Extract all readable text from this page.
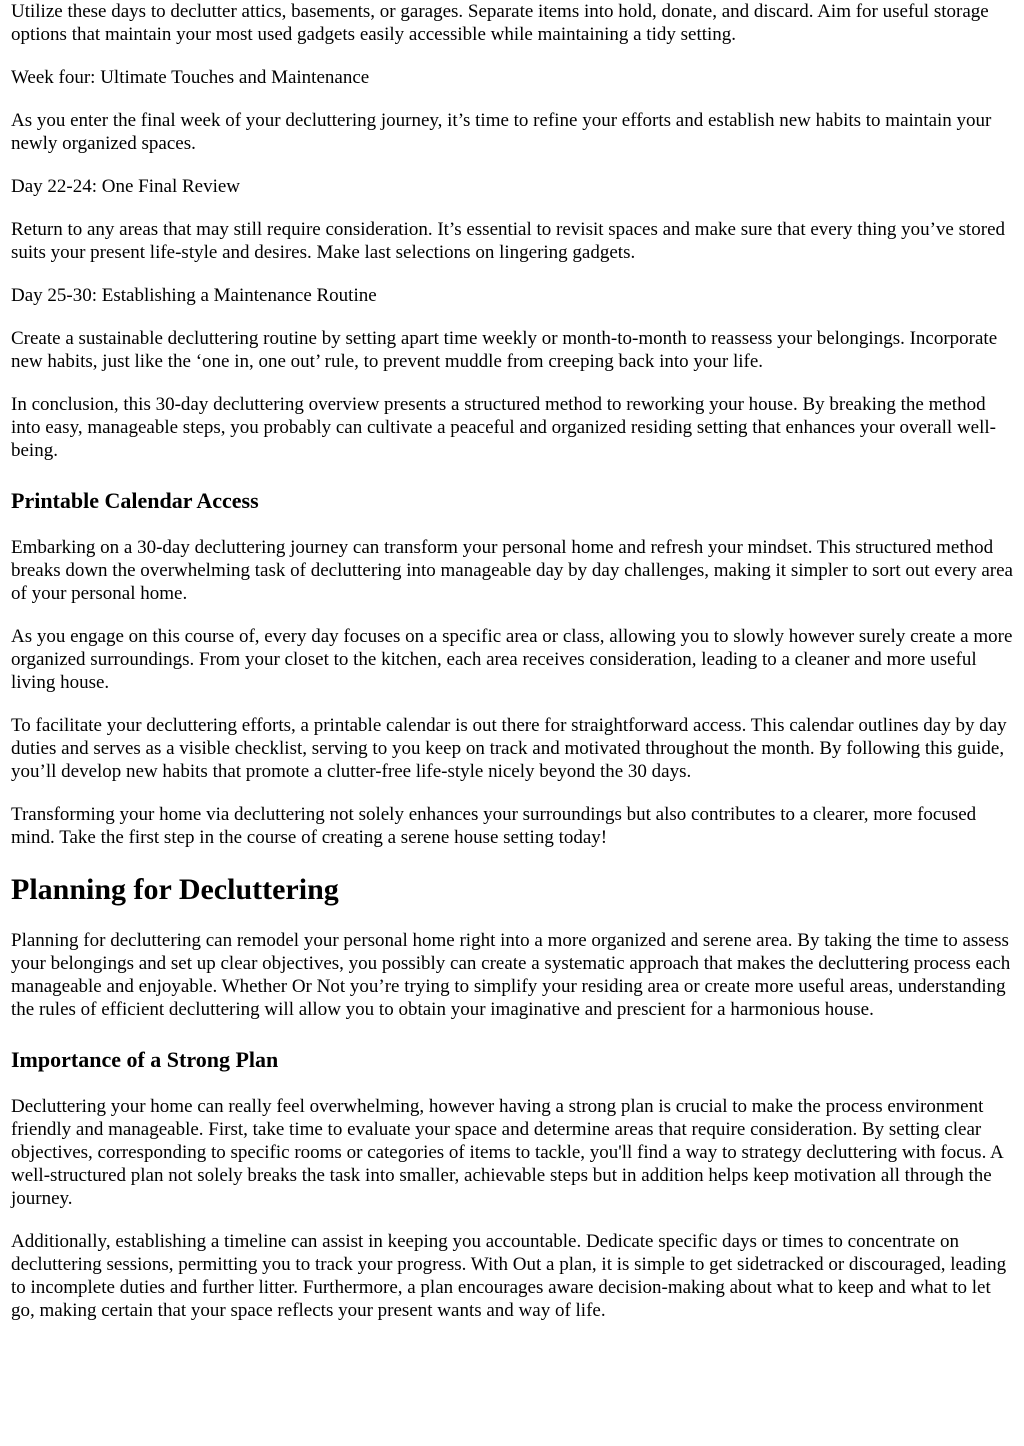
Utilize these days to declutter attics, basements, or garages. Separate items into hold, donate, and discard. Aim for useful storage options that maintain your most used gadgets easily accessible while maintaining a tidy setting.

Week four: Ultimate Touches and Maintenance

As you enter the final week of your decluttering journey, it’s time to refine your efforts and establish new habits to maintain your newly organized spaces.

Day 22-24: One Final Review

Return to any areas that may still require consideration. It’s essential to revisit spaces and make sure that every thing you’ve stored suits your present life-style and desires. Make last selections on lingering gadgets.

Day 25-30: Establishing a Maintenance Routine

Create a sustainable decluttering routine by setting apart time weekly or month-to-month to reassess your belongings. Incorporate new habits, just like the ‘one in, one out’ rule, to prevent muddle from creeping back into your life.

In conclusion, this 30-day decluttering overview presents a structured method to reworking your house. By breaking the method into easy, manageable steps, you probably can cultivate a peaceful and organized residing setting that enhances your overall well-being.

Printable Calendar Access

Embarking on a 30-day decluttering journey can transform your personal home and refresh your mindset. This structured method breaks down the overwhelming task of decluttering into manageable day by day challenges, making it simpler to sort out every area of your personal home.

As you engage on this course of, every day focuses on a specific area or class, allowing you to slowly however surely create a more organized surroundings. From your closet to the kitchen, each area receives consideration, leading to a cleaner and more useful living house.

To facilitate your decluttering efforts, a printable calendar is out there for straightforward access. This calendar outlines day by day duties and serves as a visible checklist, serving to you keep on track and motivated throughout the month. By following this guide, you’ll develop new habits that promote a clutter-free life-style nicely beyond the 30 days.

Transforming your home via decluttering not solely enhances your surroundings but also contributes to a clearer, more focused mind. Take the first step in the course of creating a serene house setting today!

Planning for Decluttering

Planning for decluttering can remodel your personal home right into a more organized and serene area. By taking the time to assess your belongings and set up clear objectives, you possibly can create a systematic approach that makes the decluttering process each manageable and enjoyable. Whether Or Not you’re trying to simplify your residing area or create more useful areas, understanding the rules of efficient decluttering will allow you to obtain your imaginative and prescient for a harmonious house.

Importance of a Strong Plan

Decluttering your home can really feel overwhelming, however having a strong plan is crucial to make the process environment friendly and manageable. First, take time to evaluate your space and determine areas that require consideration. By setting clear objectives, corresponding to specific rooms or categories of items to tackle, you'll find a way to strategy decluttering with focus. A well-structured plan not solely breaks the task into smaller, achievable steps but in addition helps keep motivation all through the journey.

Additionally, establishing a timeline can assist in keeping you accountable. Dedicate specific days or times to concentrate on decluttering sessions, permitting you to track your progress. With Out a plan, it is simple to get sidetracked or discouraged, leading to incomplete duties and further litter. Furthermore, a plan encourages aware decision-making about what to keep and what to let go, making certain that your space reflects your present wants and way of life.
